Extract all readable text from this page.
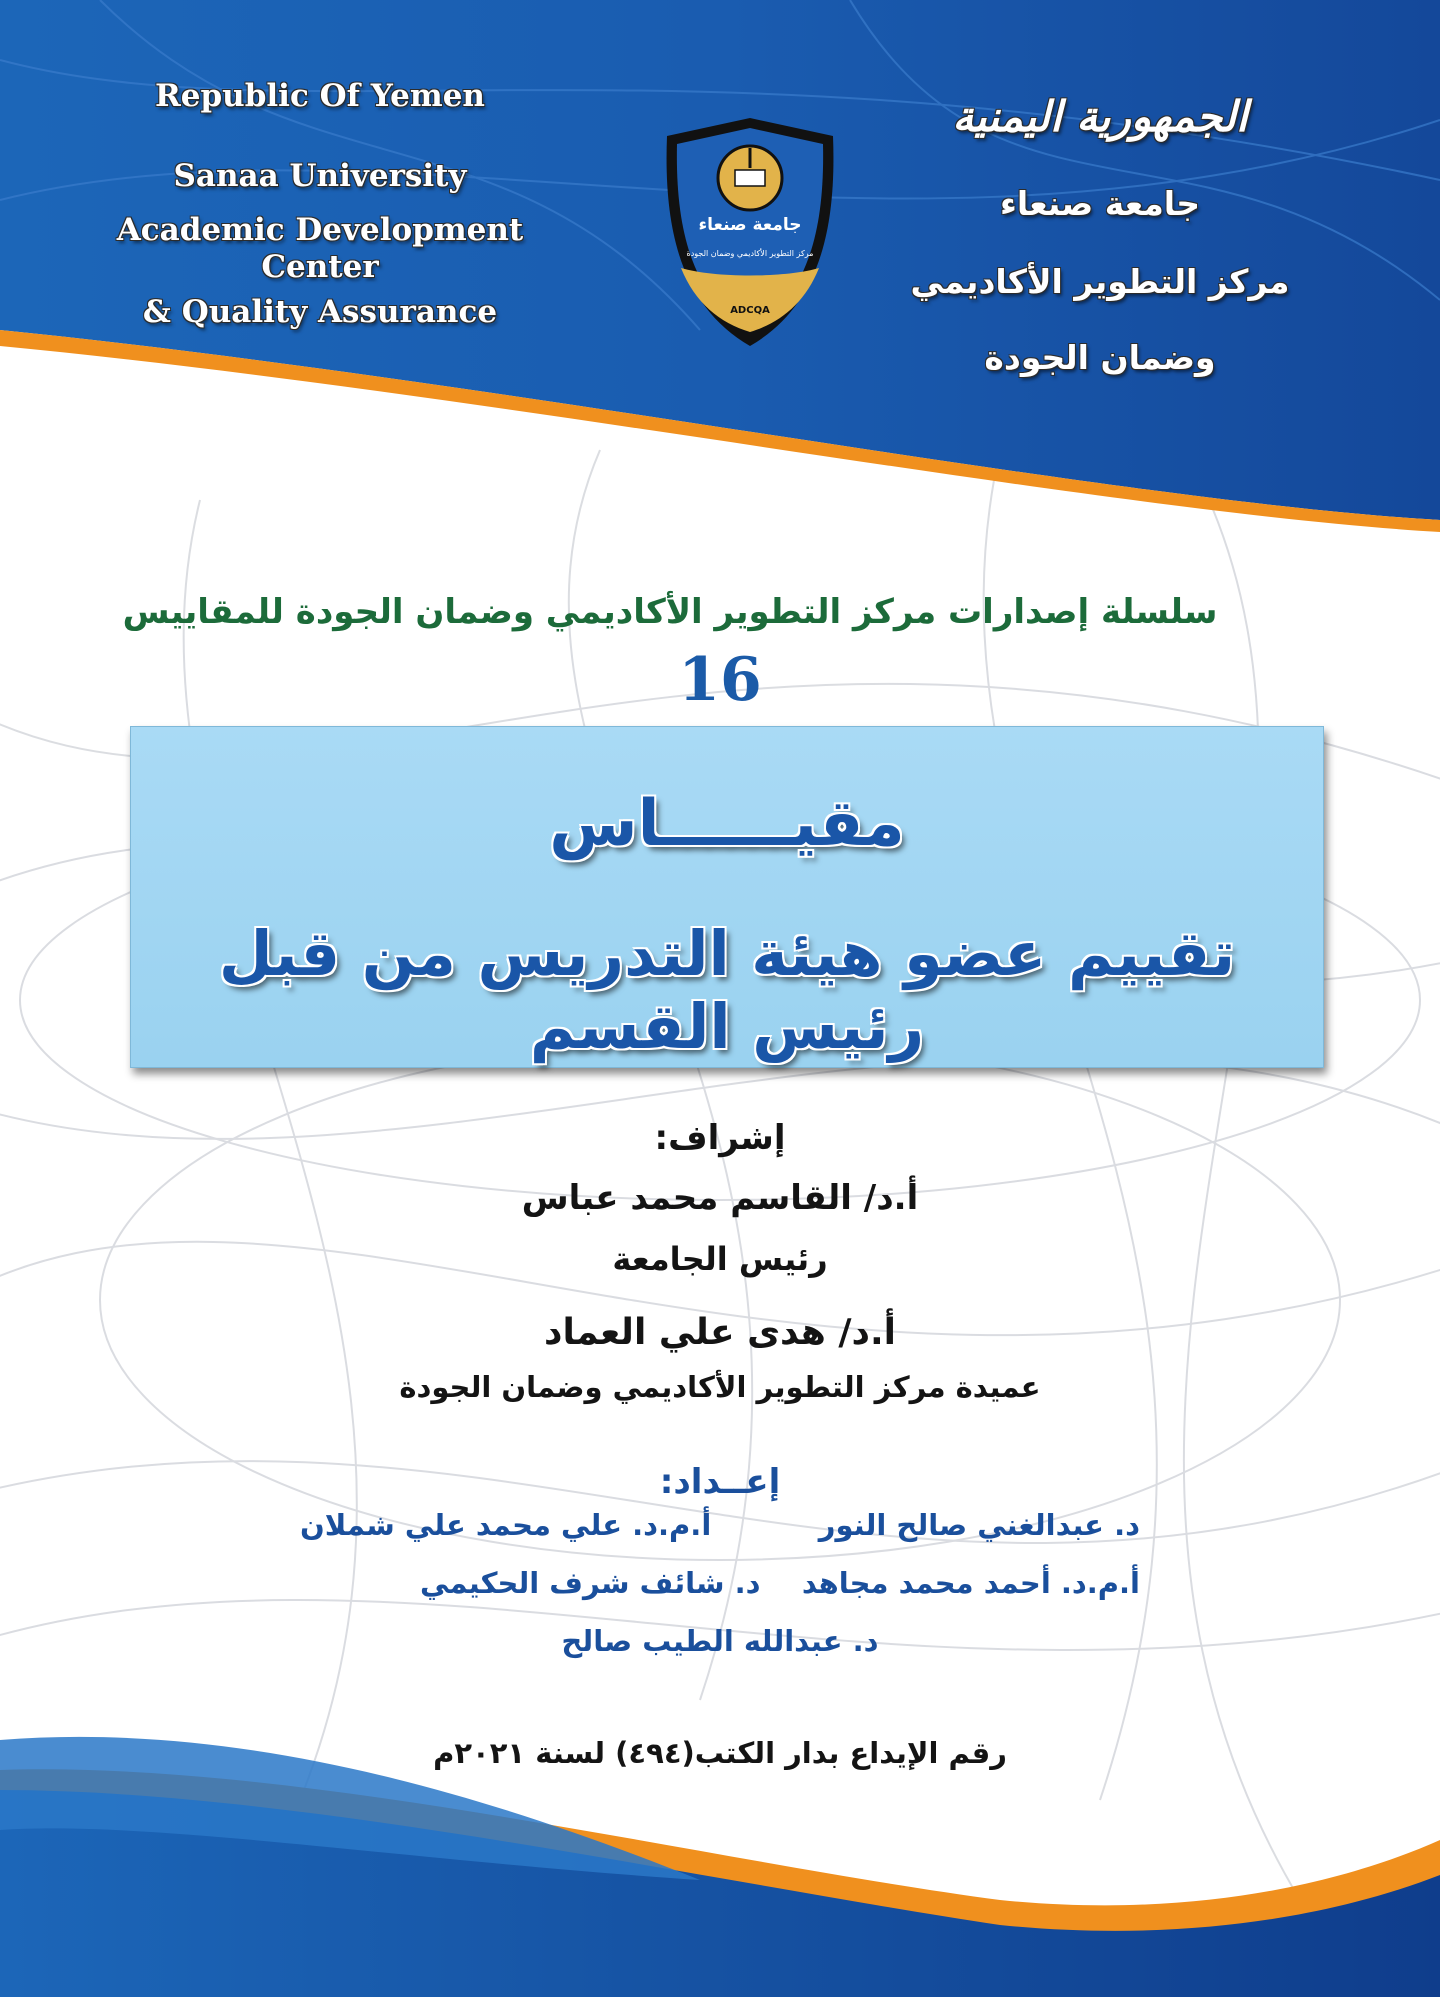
Republic Of Yemen
Sanaa University
Academic Development Center
& Quality Assurance
الجمهورية اليمنية
جامعة صنعاء
مركز التطوير الأكاديمي
وضمان الجودة
جامعة صنعاء
مركز التطوير الأكاديمي وضمان الجودة
ADCQA
سلسلة إصدارات مركز التطوير الأكاديمي وضمان الجودة للمقاييس
16
مقيــــــاس
تقييم عضو هيئة التدريس من قبل رئيس القسم
إشراف:
أ.د/ القاسم محمد عباس
رئيس الجامعة
أ.د/ هدى علي العماد
عميدة مركز التطوير الأكاديمي وضمان الجودة
إعــداد:
د. عبدالغني صالح النور
أ.م.د. علي محمد علي شملان
أ.م.د. أحمد محمد مجاهد
د. شائف شرف الحكيمي
د. عبدالله الطيب صالح
رقم الإيداع بدار الكتب(٤٩٤) لسنة ٢٠٢١م
